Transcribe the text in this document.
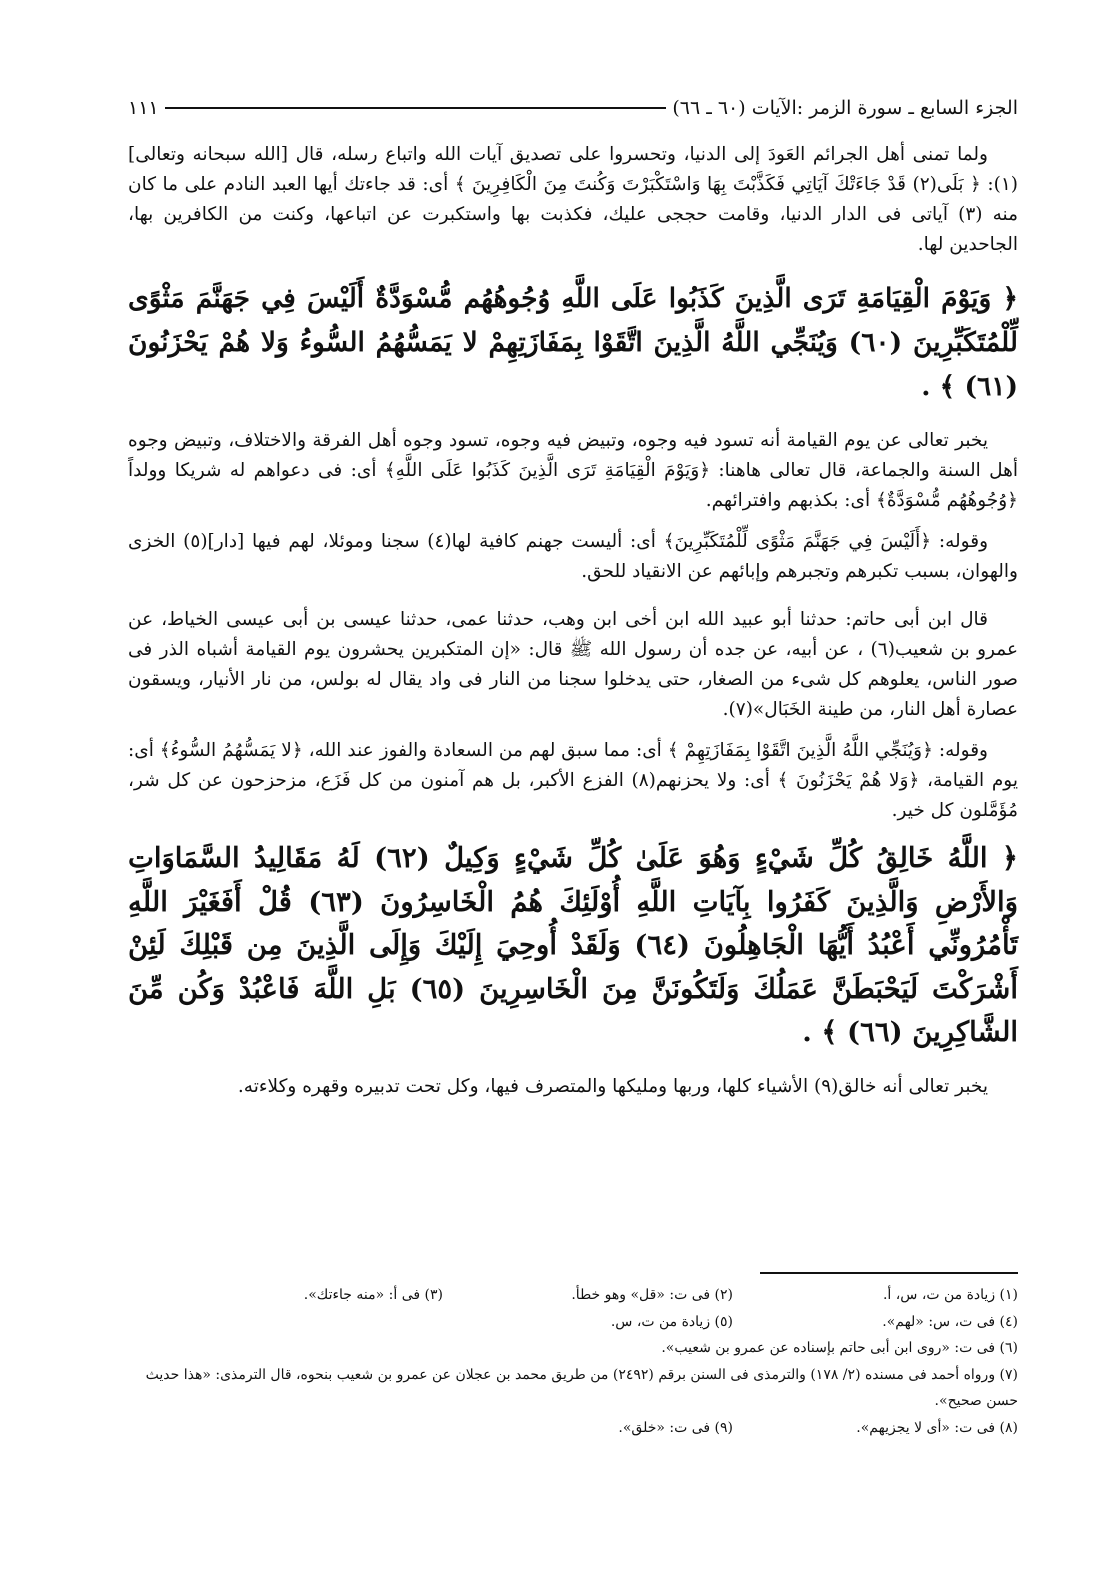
الجزء السابع ـ سورة الزمر :الآيات (٦٠ ـ ٦٦)
١١١

ولما تمنى أهل الجرائم العَودَ إلى الدنيا، وتحسروا على تصديق آيات الله واتباع رسله، قال [الله سبحانه وتعالى](١): ﴿ بَلَى(٢) قَدْ جَاءَتْكَ آيَاتِي فَكَذَّبْتَ بِهَا وَاسْتَكْبَرْتَ وَكُنتَ مِنَ الْكَافِرِينَ ﴾ أى: قد جاءتك أيها العبد النادم على ما كان منه (٣) آياتى فى الدار الدنيا، وقامت حججى عليك، فكذبت بها واستكبرت عن اتباعها، وكنت من الكافرين بها، الجاحدين لها.

﴿ وَيَوْمَ الْقِيَامَةِ تَرَى الَّذِينَ كَذَبُوا عَلَى اللَّهِ وُجُوهُهُم مُّسْوَدَّةٌ أَلَيْسَ فِي جَهَنَّمَ مَثْوًى لِّلْمُتَكَبِّرِينَ (٦٠) وَيُنَجِّي اللَّهُ الَّذِينَ اتَّقَوْا بِمَفَازَتِهِمْ لا يَمَسُّهُمُ السُّوءُ وَلا هُمْ يَحْزَنُونَ (٦١) ﴾ .

يخبر تعالى عن يوم القيامة أنه تسود فيه وجوه، وتبيض فيه وجوه، تسود وجوه أهل الفرقة والاختلاف، وتبيض وجوه أهل السنة والجماعة، قال تعالى هاهنا: ﴿وَيَوْمَ الْقِيَامَةِ تَرَى الَّذِينَ كَذَبُوا عَلَى اللَّهِ﴾ أى: فى دعواهم له شريكا وولداً ﴿وُجُوهُهُم مُّسْوَدَّةٌ﴾ أى: بكذبهم وافترائهم.

وقوله: ﴿أَلَيْسَ فِي جَهَنَّمَ مَثْوًى لِّلْمُتَكَبِّرِينَ﴾ أى: أليست جهنم كافية لها(٤) سجنا وموئلا، لهم فيها [دار](٥) الخزى والهوان، بسبب تكبرهم وتجبرهم وإبائهم عن الانقياد للحق.

قال ابن أبى حاتم: حدثنا أبو عبيد الله ابن أخى ابن وهب، حدثنا عمى، حدثنا عيسى بن أبى عيسى الخياط، عن عمرو بن شعيب(٦) ، عن أبيه، عن جده أن رسول الله ﷺ قال: «إن المتكبرين يحشرون يوم القيامة أشباه الذر فى صور الناس، يعلوهم كل شىء من الصغار، حتى يدخلوا سجنا من النار فى واد يقال له بولس، من نار الأنيار، ويسقون عصارة أهل النار، من طينة الخَبَال»(٧).

وقوله: ﴿وَيُنَجِّي اللَّهُ الَّذِينَ اتَّقَوْا بِمَفَازَتِهِمْ ﴾ أى: مما سبق لهم من السعادة والفوز عند الله، ﴿لا يَمَسُّهُمُ السُّوءُ﴾ أى: يوم القيامة، ﴿وَلا هُمْ يَحْزَنُونَ ﴾ أى: ولا يحزنهم(٨) الفزع الأكبر، بل هم آمنون من كل فَزَع، مزحزحون عن كل شر، مُؤَمَّلون كل خير.

﴿ اللَّهُ خَالِقُ كُلِّ شَيْءٍ وَهُوَ عَلَىٰ كُلِّ شَيْءٍ وَكِيلٌ (٦٢) لَهُ مَقَالِيدُ السَّمَاوَاتِ وَالأَرْضِ وَالَّذِينَ كَفَرُوا بِآيَاتِ اللَّهِ أُوْلَئِكَ هُمُ الْخَاسِرُونَ (٦٣) قُلْ أَفَغَيْرَ اللَّهِ تَأْمُرُونِّي أَعْبُدُ أَيُّهَا الْجَاهِلُونَ (٦٤) وَلَقَدْ أُوحِيَ إِلَيْكَ وَإِلَى الَّذِينَ مِن قَبْلِكَ لَئِنْ أَشْرَكْتَ لَيَحْبَطَنَّ عَمَلُكَ وَلَتَكُونَنَّ مِنَ الْخَاسِرِينَ (٦٥) بَلِ اللَّهَ فَاعْبُدْ وَكُن مِّنَ الشَّاكِرِينَ (٦٦) ﴾ .

يخبر تعالى أنه خالق(٩) الأشياء كلها، وربها ومليكها والمتصرف فيها، وكل تحت تدبيره وقهره وكلاءته.

(١) زيادة من ت، س، أ.(٢) فى ت: «قل» وهو خطأ.(٣) فى أ: «منه جاءتك».

(٤) فى ت، س: «لهم».(٥) زيادة من ت، س.

(٦) فى ت: «روى ابن أبى حاتم بإسناده عن عمرو بن شعيب».

(٧) ورواه أحمد فى مسنده (٢/ ١٧٨) والترمذى فى السنن برقم (٢٤٩٢) من طريق محمد بن عجلان عن عمرو بن شعيب بنحوه، قال الترمذى: «هذا حديث حسن صحيح».

(٨) فى ت: «أى لا يجزيهم».(٩) فى ت: «خلق».
